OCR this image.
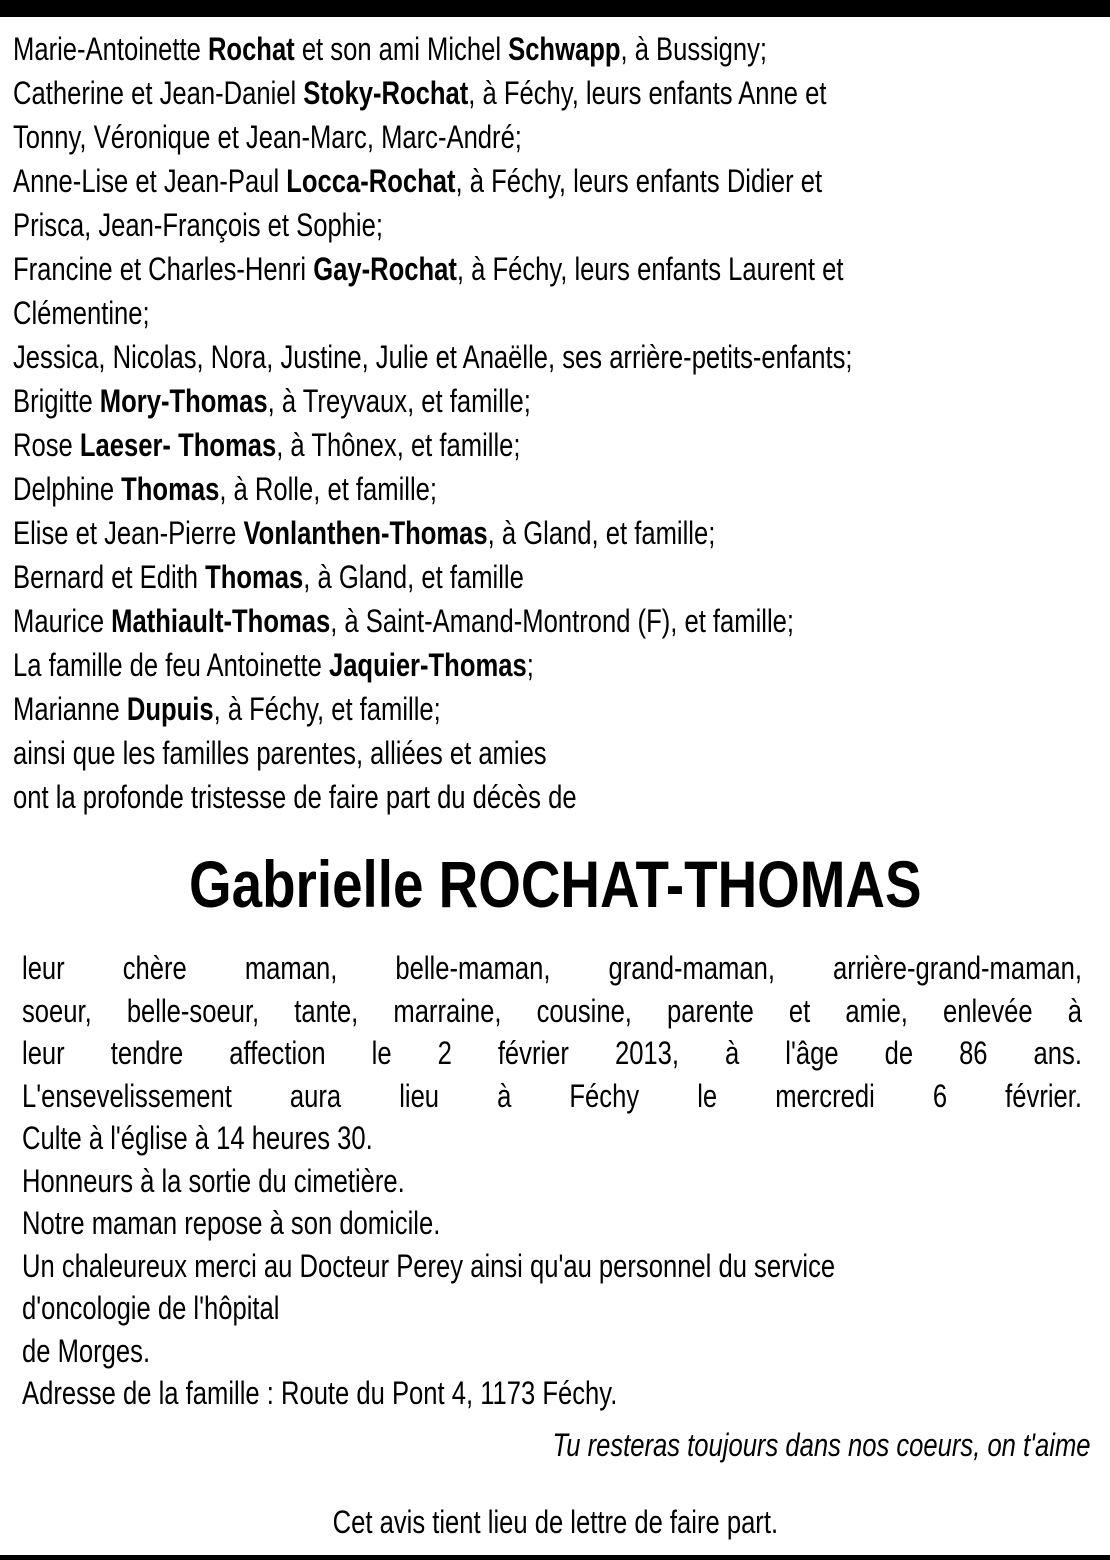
Marie-Antoinette Rochat et son ami Michel Schwapp, à Bussigny;
Catherine et Jean-Daniel Stoky-Rochat, à Féchy, leurs enfants Anne et
Tonny, Véronique et Jean-Marc, Marc-André;
Anne-Lise et Jean-Paul Locca-Rochat, à Féchy, leurs enfants Didier et
Prisca, Jean-François et Sophie;
Francine et Charles-Henri Gay-Rochat, à Féchy, leurs enfants Laurent et
Clémentine;
Jessica, Nicolas, Nora, Justine, Julie et Anaëlle, ses arrière-petits-enfants;
Brigitte Mory-Thomas, à Treyvaux, et famille;
Rose Laeser- Thomas, à Thônex, et famille;
Delphine Thomas, à Rolle, et famille;
Elise et Jean-Pierre Vonlanthen-Thomas, à Gland, et famille;
Bernard et Edith Thomas, à Gland, et famille
Maurice Mathiault-Thomas, à Saint-Amand-Montrond (F), et famille;
La famille de feu Antoinette Jaquier-Thomas;
Marianne Dupuis, à Féchy, et famille;
ainsi que les familles parentes, alliées et amies
ont la profonde tristesse de faire part du décès de
Gabrielle ROCHAT-THOMAS
leur chère maman, belle-maman, grand-maman, arrière-grand-maman,
soeur, belle-soeur, tante, marraine, cousine, parente et amie, enlevée à
leur tendre affection le 2 février 2013, à l'âge de 86 ans.
L'ensevelissement aura lieu à Féchy le mercredi 6 février.
Culte à l'église à 14 heures 30.
Honneurs à la sortie du cimetière.
Notre maman repose à son domicile.
Un chaleureux merci au Docteur Perey ainsi qu'au personnel du service
d'oncologie de l'hôpital
de Morges.
Adresse de la famille : Route du Pont 4, 1173 Féchy.
Tu resteras toujours dans nos coeurs, on t'aime
Cet avis tient lieu de lettre de faire part.
